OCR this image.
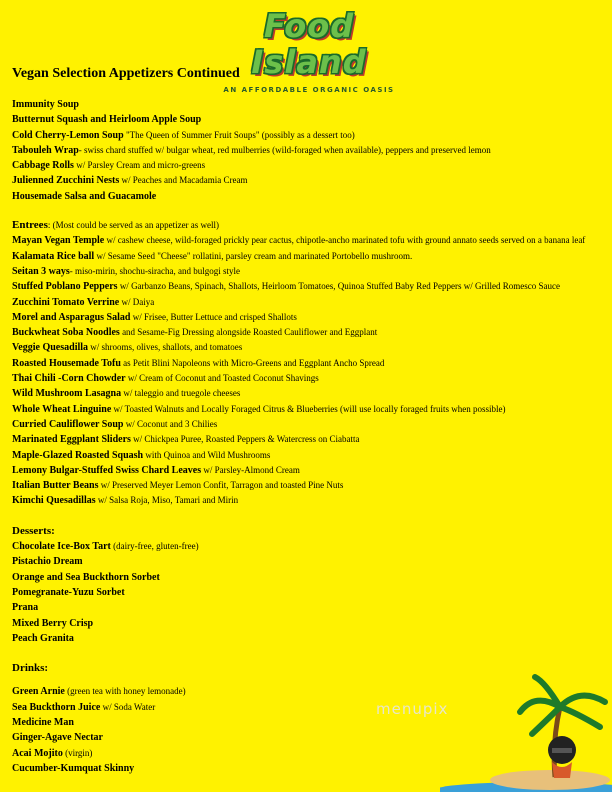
Food Island
AN AFFORDABLE ORGANIC OASIS
Vegan Selection Appetizers Continued
Immunity Soup
Butternut Squash and Heirloom Apple Soup
Cold Cherry-Lemon Soup "The Queen of Summer Fruit Soups" (possibly as a dessert too)
Tabouleh Wrap- swiss chard stuffed w/ bulgar wheat, red mulberries (wild-foraged when available), peppers and preserved lemon
Cabbage Rolls w/ Parsley Cream and micro-greens
Julienned Zucchini Nests w/ Peaches and Macadamia Cream
Housemade Salsa and Guacamole
Entrees: (Most could be served as an appetizer as well)
Mayan Vegan Temple w/ cashew cheese, wild-foraged prickly pear cactus, chipotle-ancho marinated tofu with ground annato seeds served on a banana leaf
Kalamata Rice ball w/ Sesame Seed "Cheese" rollatini, parsley cream and marinated Portobello mushroom.
Seitan 3 ways- miso-mirin, shochu-siracha, and bulgogi style
Stuffed Poblano Peppers w/ Garbanzo Beans, Spinach, Shallots, Heirloom Tomatoes, Quinoa Stuffed Baby Red Peppers w/ Grilled Romesco Sauce
Zucchini Tomato Verrine w/ Daiya
Morel and Asparagus Salad w/ Frisee, Butter Lettuce and crisped Shallots
Buckwheat Soba Noodles and Sesame-Fig Dressing alongside Roasted Cauliflower and Eggplant
Veggie Quesadilla w/ shrooms, olives, shallots, and tomatoes
Roasted Housemade Tofu as Petit Blini Napoleons with Micro-Greens and Eggplant Ancho Spread
Thai Chili -Corn Chowder w/ Cream of Coconut and Toasted Coconut Shavings
Wild Mushroom Lasagna w/ taleggio and truegole cheeses
Whole Wheat Linguine w/ Toasted Walnuts and Locally Foraged Citrus & Blueberries (will use locally foraged fruits when possible)
Curried Cauliflower Soup w/ Coconut and 3 Chilies
Marinated Eggplant Sliders w/ Chickpea Puree, Roasted Peppers & Watercress on Ciabatta
Maple-Glazed Roasted Squash with Quinoa and Wild Mushrooms
Lemony Bulgar-Stuffed Swiss Chard Leaves w/ Parsley-Almond Cream
Italian Butter Beans w/ Preserved Meyer Lemon Confit, Tarragon and toasted Pine Nuts
Kimchi Quesadillas w/ Salsa Roja, Miso, Tamari and Mirin
Desserts:
Chocolate Ice-Box Tart (dairy-free, gluten-free)
Pistachio Dream
Orange and Sea Buckthorn Sorbet
Pomegranate-Yuzu Sorbet
Prana
Mixed Berry Crisp
Peach Granita
Drinks:
Green Arnie (green tea with honey lemonade)
Sea Buckthorn Juice w/ Soda Water
Medicine Man
Ginger-Agave Nectar
Acai Mojito (virgin)
Cucumber-Kumquat Skinny
menupix
